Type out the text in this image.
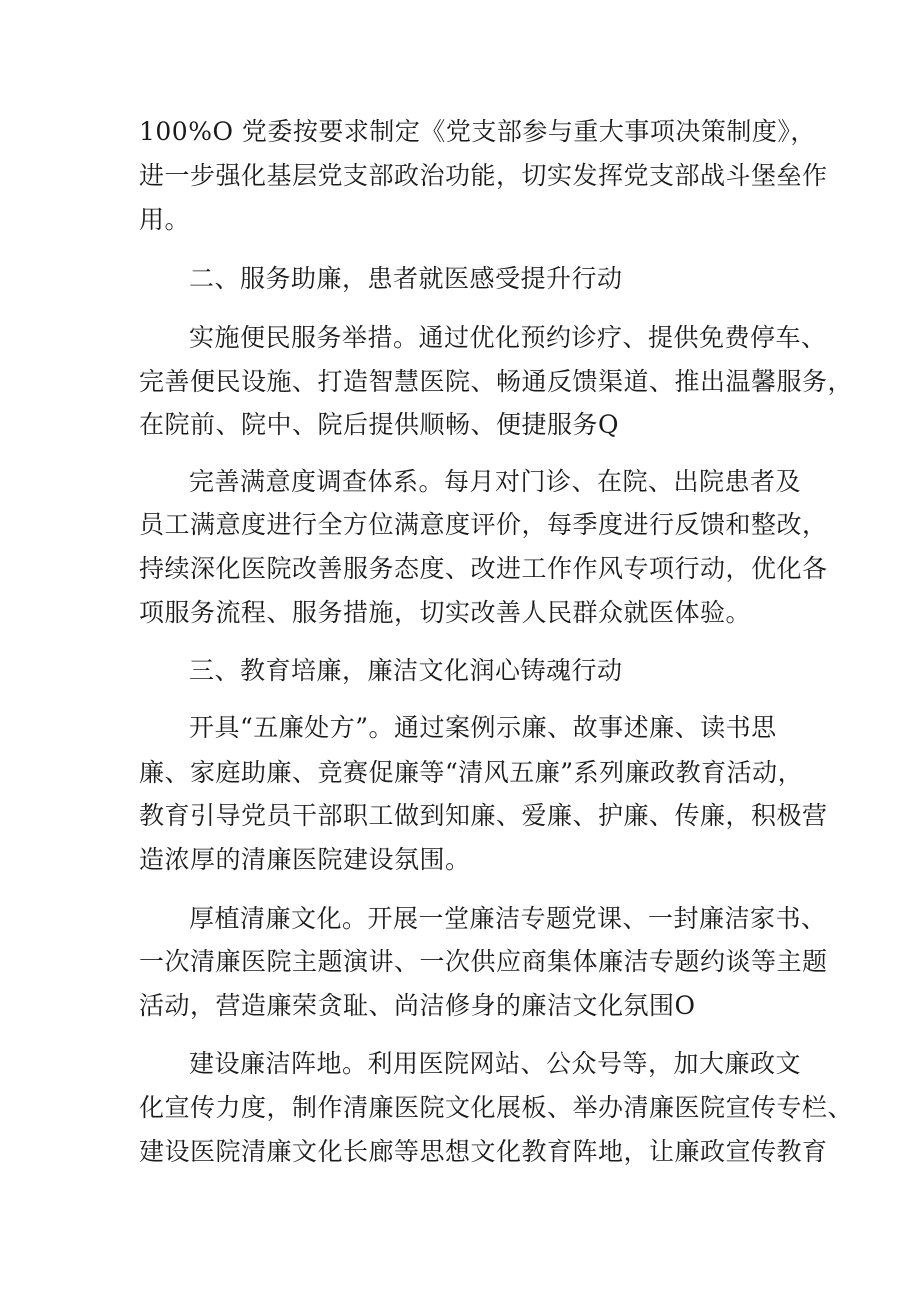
100%O 党委按要求制定《党支部参与重大事项决策制度》，
进一步强化基层党支部政治功能，切实发挥党支部战斗堡垒作
用。
二、服务助廉，患者就医感受提升行动
实施便民服务举措。通过优化预约诊疗、提供免费停车、
完善便民设施、打造智慧医院、畅通反馈渠道、推出温馨服务，
在院前、院中、院后提供顺畅、便捷服务Q
完善满意度调查体系。每月对门诊、在院、出院患者及
员工满意度进行全方位满意度评价，每季度进行反馈和整改，
持续深化医院改善服务态度、改进工作作风专项行动，优化各
项服务流程、服务措施，切实改善人民群众就医体验。
三、教育培廉，廉洁文化润心铸魂行动
开具“五廉处方”。通过案例示廉、故事述廉、读书思
廉、家庭助廉、竞赛促廉等“清风五廉”系列廉政教育活动，
教育引导党员干部职工做到知廉、爱廉、护廉、传廉，积极营
造浓厚的清廉医院建设氛围。
厚植清廉文化。开展一堂廉洁专题党课、一封廉洁家书、
一次清廉医院主题演讲、一次供应商集体廉洁专题约谈等主题
活动，营造廉荣贪耻、尚洁修身的廉洁文化氛围O
建设廉洁阵地。利用医院网站、公众号等，加大廉政文
化宣传力度，制作清廉医院文化展板、举办清廉医院宣传专栏、
建设医院清廉文化长廊等思想文化教育阵地，让廉政宣传教育
